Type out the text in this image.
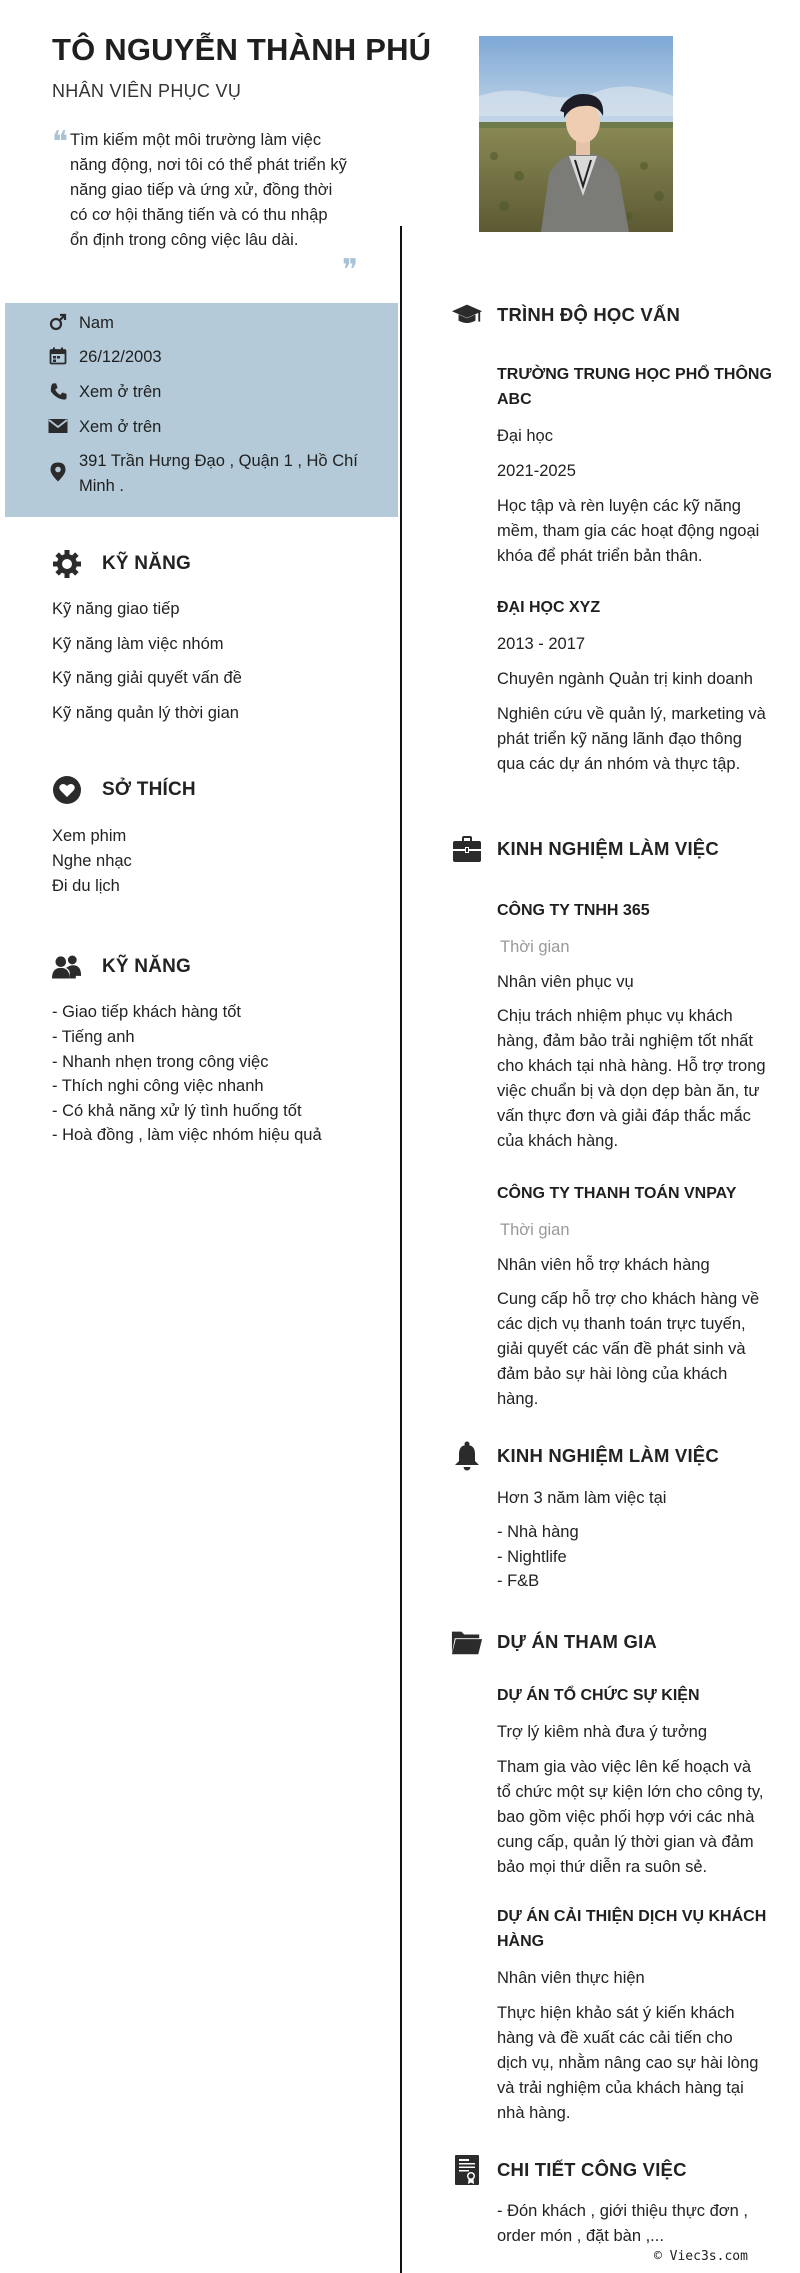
TÔ NGUYỄN THÀNH PHÚ
NHÂN VIÊN PHỤC VỤ
❝ Tìm kiếm một môi trường làm việc năng động, nơi tôi có thể phát triển kỹ năng giao tiếp và ứng xử, đồng thời có cơ hội thăng tiến và có thu nhập ổn định trong công việc lâu dài.
❞
Nam
26/12/2003
Xem ở trên
Xem ở trên
391 Trần Hưng Đạo , Quận 1 , Hồ Chí Minh .
KỸ NĂNG
Kỹ năng giao tiếp
Kỹ năng làm việc nhóm
Kỹ năng giải quyết vấn đề
Kỹ năng quản lý thời gian
SỞ THÍCH
Xem phim
Nghe nhạc
Đi du lịch
KỸ NĂNG
- Giao tiếp khách hàng tốt
- Tiếng anh
- Nhanh nhẹn trong công việc
- Thích nghi công việc nhanh
- Có khả năng xử lý tình huống tốt
- Hoà đồng , làm việc nhóm hiệu quả
TRÌNH ĐỘ HỌC VẤN
TRƯỜNG TRUNG HỌC PHỔ THÔNG ABC
Đại học
2021-2025
Học tập và rèn luyện các kỹ năng mềm, tham gia các hoạt động ngoại khóa để phát triển bản thân.
ĐẠI HỌC XYZ
2013 - 2017
Chuyên ngành Quản trị kinh doanh
Nghiên cứu về quản lý, marketing và phát triển kỹ năng lãnh đạo thông qua các dự án nhóm và thực tập.
KINH NGHIỆM LÀM VIỆC
CÔNG TY TNHH 365
Thời gian
Nhân viên phục vụ
Chịu trách nhiệm phục vụ khách hàng, đảm bảo trải nghiệm tốt nhất cho khách tại nhà hàng. Hỗ trợ trong việc chuẩn bị và dọn dẹp bàn ăn, tư vấn thực đơn và giải đáp thắc mắc của khách hàng.
CÔNG TY THANH TOÁN VNPAY
Thời gian
Nhân viên hỗ trợ khách hàng
Cung cấp hỗ trợ cho khách hàng về các dịch vụ thanh toán trực tuyến, giải quyết các vấn đề phát sinh và đảm bảo sự hài lòng của khách hàng.
KINH NGHIỆM LÀM VIỆC
Hơn 3 năm làm việc tại
- Nhà hàng
- Nightlife
- F&B
DỰ ÁN THAM GIA
DỰ ÁN TỔ CHỨC SỰ KIỆN
Trợ lý kiêm nhà đưa ý tưởng
Tham gia vào việc lên kế hoạch và tổ chức một sự kiện lớn cho công ty, bao gồm việc phối hợp với các nhà cung cấp, quản lý thời gian và đảm bảo mọi thứ diễn ra suôn sẻ.
DỰ ÁN CẢI THIỆN DỊCH VỤ KHÁCH HÀNG
Nhân viên thực hiện
Thực hiện khảo sát ý kiến khách hàng và đề xuất các cải tiến cho dịch vụ, nhằm nâng cao sự hài lòng và trải nghiệm của khách hàng tại nhà hàng.
CHI TIẾT CÔNG VIỆC
- Đón khách , giới thiệu thực đơn , order món , đặt bàn ,...
© Viec3s.com
